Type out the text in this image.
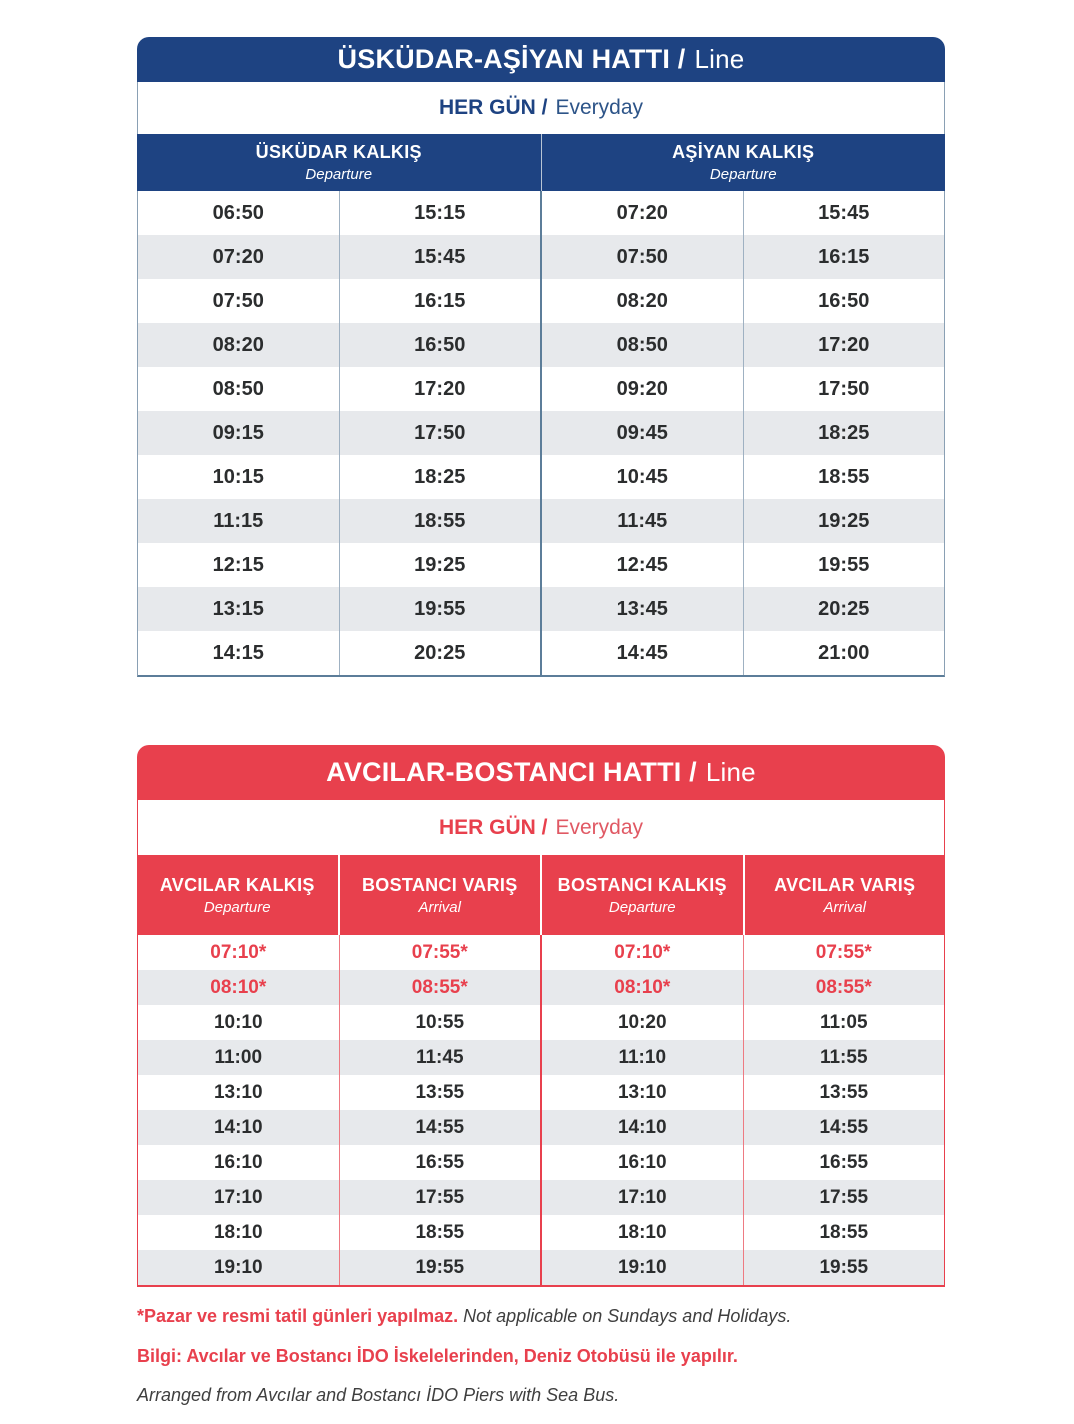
ÜSKÜDAR-AŞİYAN HATTI / Line
HER GÜN / Everyday
ÜSKÜDAR KALKIŞ
Departure
AŞİYAN KALKIŞ
Departure
06:50	15:15	07:20	15:45
07:20	15:45	07:50	16:15
07:50	16:15	08:20	16:50
08:20	16:50	08:50	17:20
08:50	17:20	09:20	17:50
09:15	17:50	09:45	18:25
10:15	18:25	10:45	18:55
11:15	18:55	11:45	19:25
12:15	19:25	12:45	19:55
13:15	19:55	13:45	20:25
14:15	20:25	14:45	21:00
AVCILAR-BOSTANCI HATTI / Line
HER GÜN / Everyday
AVCILAR KALKIŞ
Departure
BOSTANCI VARIŞ
Arrival
BOSTANCI KALKIŞ
Departure
AVCILAR VARIŞ
Arrival
07:10*	07:55*	07:10*	07:55*
08:10*	08:55*	08:10*	08:55*
10:10	10:55	10:20	11:05
11:00	11:45	11:10	11:55
13:10	13:55	13:10	13:55
14:10	14:55	14:10	14:55
16:10	16:55	16:10	16:55
17:10	17:55	17:10	17:55
18:10	18:55	18:10	18:55
19:10	19:55	19:10	19:55

*Pazar ve resmi tatil günleri yapılmaz. Not applicable on Sundays and Holidays.

Bilgi: Avcılar ve Bostancı İDO İskelelerinden, Deniz Otobüsü ile yapılır.

Arranged from Avcılar and Bostancı İDO Piers with Sea Bus.
